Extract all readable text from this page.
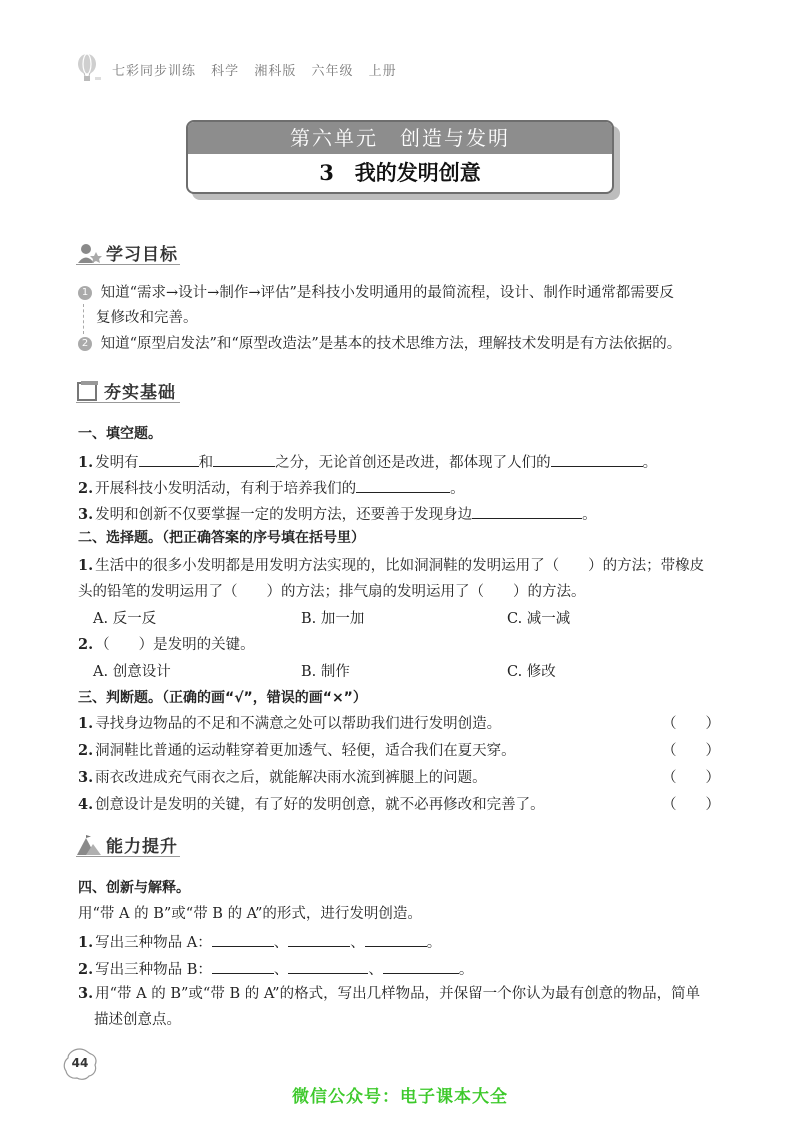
七彩同步训练 科学 湘科版 六年级 上册
第六单元　创造与发明
3　我的发明创意
学习目标
1 知道“需求→设计→制作→评估”是科技小发明通用的最简流程，设计、制作时通常都需要反
复修改和完善。
2 知道“原型启发法”和“原型改造法”是基本的技术思维方法，理解技术发明是有方法依据的。
夯实基础
一、填空题。
1. 发明有	和	之分，无论首创还是改进，都体现了人们的	。
2. 开展科技小发明活动，有利于培养我们的	。
3. 发明和创新不仅要掌握一定的发明方法，还要善于发现身边	。
二、选择题。（把正确答案的序号填在括号里）
1. 生活中的很多小发明都是用发明方法实现的，比如洞洞鞋的发明运用了（　　）的方法；带橡皮
头的铅笔的发明运用了（　　）的方法；排气扇的发明运用了（　　）的方法。
A. 反一反	B. 加一加	C. 减一减
2. （　　）是发明的关键。
A. 创意设计	B. 制作	C. 修改
三、判断题。（正确的画“√”，错误的画“×”）
1. 寻找身边物品的不足和不满意之处可以帮助我们进行发明创造。	（　　）
2. 洞洞鞋比普通的运动鞋穿着更加透气、轻便，适合我们在夏天穿。	（　　）
3. 雨衣改进成充气雨衣之后，就能解决雨水流到裤腿上的问题。	（　　）
4. 创意设计是发明的关键，有了好的发明创意，就不必再修改和完善了。	（　　）
能力提升
四、创新与解释。
用“带 A 的 B”或“带 B 的 A”的形式，进行发明创造。
1. 写出三种物品 A：	、	、	。
2. 写出三种物品 B：	、	、	。
3. 用“带 A 的 B”或“带 B 的 A”的格式，写出几样物品，并保留一个你认为最有创意的物品，简单
描述创意点。
44
微信公众号：电子课本大全
